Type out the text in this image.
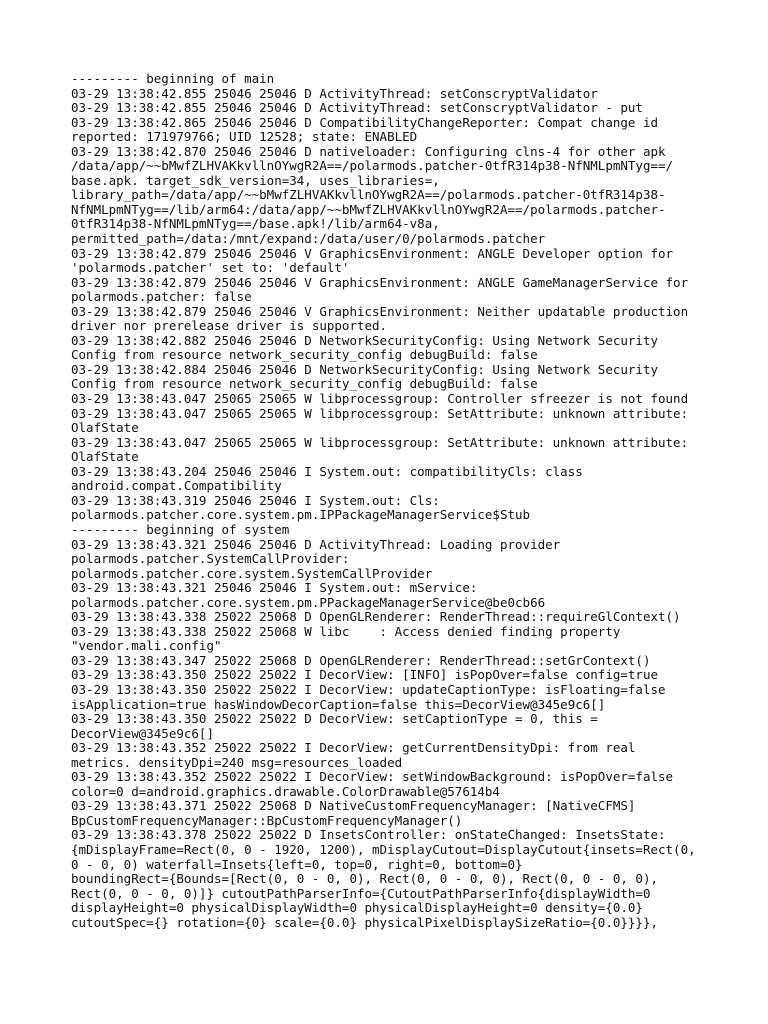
--------- beginning of main
03-29 13:38:42.855 25046 25046 D ActivityThread: setConscryptValidator
03-29 13:38:42.855 25046 25046 D ActivityThread: setConscryptValidator - put
03-29 13:38:42.865 25046 25046 D CompatibilityChangeReporter: Compat change id
reported: 171979766; UID 12528; state: ENABLED
03-29 13:38:42.870 25046 25046 D nativeloader: Configuring clns-4 for other apk
/data/app/~~bMwfZLHVAKkvllnOYwgR2A==/polarmods.patcher-0tfR314p38-NfNMLpmNTyg==/
base.apk. target_sdk_version=34, uses_libraries=,
library_path=/data/app/~~bMwfZLHVAKkvllnOYwgR2A==/polarmods.patcher-0tfR314p38-
NfNMLpmNTyg==/lib/arm64:/data/app/~~bMwfZLHVAKkvllnOYwgR2A==/polarmods.patcher-
0tfR314p38-NfNMLpmNTyg==/base.apk!/lib/arm64-v8a,
permitted_path=/data:/mnt/expand:/data/user/0/polarmods.patcher
03-29 13:38:42.879 25046 25046 V GraphicsEnvironment: ANGLE Developer option for
'polarmods.patcher' set to: 'default'
03-29 13:38:42.879 25046 25046 V GraphicsEnvironment: ANGLE GameManagerService for
polarmods.patcher: false
03-29 13:38:42.879 25046 25046 V GraphicsEnvironment: Neither updatable production
driver nor prerelease driver is supported.
03-29 13:38:42.882 25046 25046 D NetworkSecurityConfig: Using Network Security
Config from resource network_security_config debugBuild: false
03-29 13:38:42.884 25046 25046 D NetworkSecurityConfig: Using Network Security
Config from resource network_security_config debugBuild: false
03-29 13:38:43.047 25065 25065 W libprocessgroup: Controller sfreezer is not found
03-29 13:38:43.047 25065 25065 W libprocessgroup: SetAttribute: unknown attribute:
OlafState
03-29 13:38:43.047 25065 25065 W libprocessgroup: SetAttribute: unknown attribute:
OlafState
03-29 13:38:43.204 25046 25046 I System.out: compatibilityCls: class
android.compat.Compatibility
03-29 13:38:43.319 25046 25046 I System.out: Cls:
polarmods.patcher.core.system.pm.IPPackageManagerService$Stub
--------- beginning of system
03-29 13:38:43.321 25046 25046 D ActivityThread: Loading provider
polarmods.patcher.SystemCallProvider:
polarmods.patcher.core.system.SystemCallProvider
03-29 13:38:43.321 25046 25046 I System.out: mService:
polarmods.patcher.core.system.pm.PPackageManagerService@be0cb66
03-29 13:38:43.338 25022 25068 D OpenGLRenderer: RenderThread::requireGlContext()
03-29 13:38:43.338 25022 25068 W libc    : Access denied finding property
"vendor.mali.config"
03-29 13:38:43.347 25022 25068 D OpenGLRenderer: RenderThread::setGrContext()
03-29 13:38:43.350 25022 25022 I DecorView: [INFO] isPopOver=false config=true
03-29 13:38:43.350 25022 25022 I DecorView: updateCaptionType: isFloating=false
isApplication=true hasWindowDecorCaption=false this=DecorView@345e9c6[]
03-29 13:38:43.350 25022 25022 D DecorView: setCaptionType = 0, this =
DecorView@345e9c6[]
03-29 13:38:43.352 25022 25022 I DecorView: getCurrentDensityDpi: from real
metrics. densityDpi=240 msg=resources_loaded
03-29 13:38:43.352 25022 25022 I DecorView: setWindowBackground: isPopOver=false
color=0 d=android.graphics.drawable.ColorDrawable@57614b4
03-29 13:38:43.371 25022 25068 D NativeCustomFrequencyManager: [NativeCFMS]
BpCustomFrequencyManager::BpCustomFrequencyManager()
03-29 13:38:43.378 25022 25022 D InsetsController: onStateChanged: InsetsState:
{mDisplayFrame=Rect(0, 0 - 1920, 1200), mDisplayCutout=DisplayCutout{insets=Rect(0,
0 - 0, 0) waterfall=Insets{left=0, top=0, right=0, bottom=0}
boundingRect={Bounds=[Rect(0, 0 - 0, 0), Rect(0, 0 - 0, 0), Rect(0, 0 - 0, 0),
Rect(0, 0 - 0, 0)]} cutoutPathParserInfo={CutoutPathParserInfo{displayWidth=0
displayHeight=0 physicalDisplayWidth=0 physicalDisplayHeight=0 density={0.0}
cutoutSpec={} rotation={0} scale={0.0} physicalPixelDisplaySizeRatio={0.0}}}},
